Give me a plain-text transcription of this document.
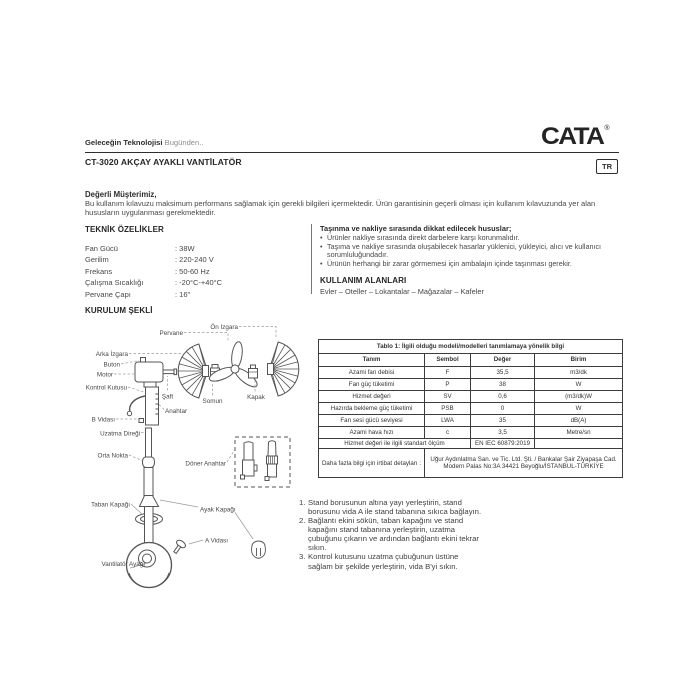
Geleceğin Teknolojisi Bugünden..	CATA ®
CT-3020 AKÇAY AYAKLI VANTİLATÖR	TR
Değerli Müşterimiz,
Bu kullanım kılavuzu maksimum performans sağlamak için gerekli bilgileri içermektedir. Ürün garantisinin geçerli olması için kullanım kılavuzunda yer alan hususların uygulanması gerekmektedir.
TEKNİK ÖZELİKLER
Fan Gücü	: 38W
Gerilim	: 220-240 V
Frekans	: 50-60 Hz
Çalışma Sıcaklığı	: -20°C-+40°C
Pervane Çapı	: 16"
Taşınma ve nakliye sırasında dikkat edilecek hususlar;
• Ürünler nakliye sırasında direkt darbelere karşı korunmalıdır.
• Taşıma ve nakliye sırasında oluşabilecek hasarlar yüklenici, yükleyici, alıcı ve kullanıcı sorumluluğundadır.
• Ürünün herhangi bir zarar görmemesi için ambalajın içinde taşınması gerekir.
KULLANIM ALANLARI
Evler – Oteller – Lokantalar – Mağazalar – Kafeler
KURULUM ŞEKLİ
Pervane
Ön Izgara
Arka İzgara
Buton
Motor
Kontrol Kutusu
Şaft
Anahtar
B Vidası
Somun
Kapak
Uzatma Direği
Orta Nokta
Döner Anahtar
Taban Kapağı
Ayak Kapağı
A Vidası
Vantilatör Ayağı
Tablo 1: İlgili olduğu modeli/modelleri tanımlamaya yönelik bilgi			
Tanım	Sembol	Değer	Birim
Azami fan debisi	F	35,5	m3/dk
Fan güç tüketimi	P	38	W
Hizmet değeri	SV	0,6	(m3/dk)W
Hazırda bekleme güç tüketimi	PSB	0	W
Fan sesi gücü seviyesi	LWA	35	dB(A)
Azami hava hızı	c	3,5	Metre/sn
Hizmet değeri ile ilgili standart ölçüm		EN IEC 60879:2019	
Daha fazla bilgi için irtibat detayları :	Uğur Aydınlatma San. ve Tic. Ltd. Şti. / Bankalar Şair Ziyapaşa Cad.
Modern Palas No:3A 34421 Beyoğlu/İSTANBUL-TÜRKİYE		
1. Stand borusunun altına yayı yerleştirin, stand borusunu vida A ile stand tabanına sıkıca bağlayın.
2. Bağlantı ekini sökün, taban kapağını ve stand kapağını stand tabanına yerleştirin, uzatma çubuğunu çıkarın ve ardından bağlantı ekini tekrar sıkın.
3. Kontrol kutusunu uzatma çubuğunun üstüne sağlam bir şekilde yerleştirin, vida B'yi sıkın.
